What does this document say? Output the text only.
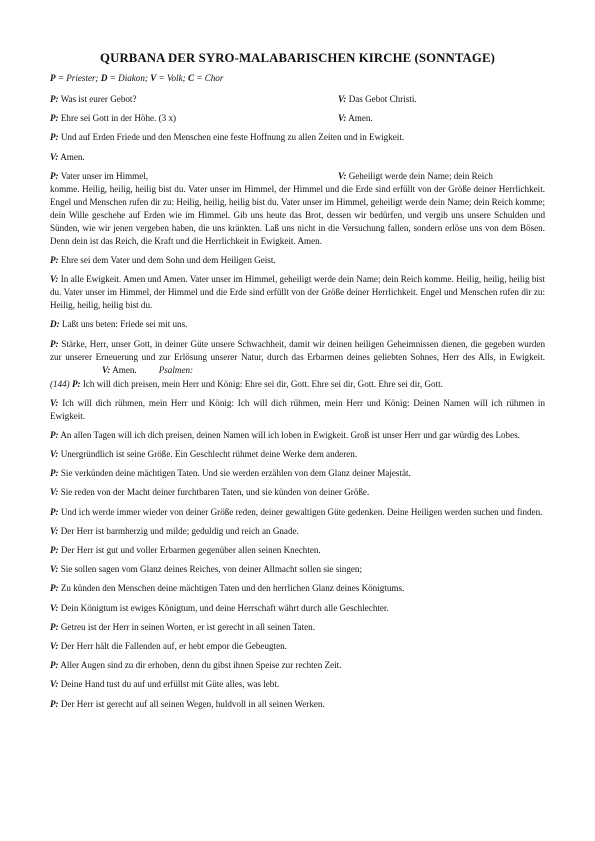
QURBANA DER SYRO-MALABARISCHEN KIRCHE (SONNTAGE)
P = Priester; D = Diakon; V = Volk; C = Chor
P: Was ist eurer Gebot?	V: Das Gebot Christi.
P: Ehre sei Gott in der Höhe. (3 x)	V: Amen.
P: Und auf Erden Friede und den Menschen eine feste Hoffnung zu allen Zeiten und in Ewigkeit.
V: Amen.
P: Vater unser im Himmel,	V: Geheiligt werde dein Name; dein Reich
komme. Heilig, heilig, heilig bist du. Vater unser im Himmel, der Himmel und die Erde sind erfüllt von der Größe deiner Herrlichkeit. Engel und Menschen rufen dir zu: Heilig, heilig, heilig bist du. Vater unser im Himmel, geheiligt werde dein Name; dein Reich komme; dein Wille geschehe auf Erden wie im Himmel. Gib uns heute das Brot, dessen wir bedürfen, und vergib uns unsere Schulden und Sünden, wie wir jenen vergeben haben, die uns kränkten. Laß uns nicht in die Versuchung fallen, sondern erlöse uns von dem Bösen. Denn dein ist das Reich, die Kraft und die Herrlichkeit in Ewigkeit. Amen.
P: Ehre sei dem Vater und dem Sohn und dem Heiligen Geist.
V: In alle Ewigkeit. Amen und Amen. Vater unser im Himmel, geheiligt werde dein Name; dein Reich komme. Heilig, heilig, heilig bist du. Vater unser im Himmel, der Himmel und die Erde sind erfüllt von der Größe deiner Herrlichkeit. Engel und Menschen rufen dir zu: Heilig, heilig, heilig bist du.
D: Laßt uns beten: Friede sei mit uns.
P: Stärke, Herr, unser Gott, in deiner Güte unsere Schwachheit, damit wir deinen heiligen Geheimnissen dienen, die gegeben wurden zur unserer Erneuerung und zur Erlösung unserer Natur, durch das Erbarmen deines geliebten Sohnes, Herr des Alls, in Ewigkeit.V: Amen. Psalmen:
(144) P: Ich will dich preisen, mein Herr und König: Ehre sei dir, Gott. Ehre sei dir, Gott. Ehre sei dir, Gott.
V: Ich will dich rühmen, mein Herr und König: Ich will dich rühmen, mein Herr und König: Deinen Namen will ich rühmen in Ewigkeit.
P: An allen Tagen will ich dich preisen, deinen Namen will ich loben in Ewigkeit. Groß ist unser Herr und gar würdig des Lobes.
V: Unergründlich ist seine Größe. Ein Geschlecht rühmet deine Werke dem anderen.
P: Sie verkünden deine mächtigen Taten. Und sie werden erzählen von dem Glanz deiner Majestät.
V: Sie reden von der Macht deiner furchtbaren Taten, und sie künden von deiner Größe.
P: Und ich werde immer wieder von deiner Größe reden, deiner gewaltigen Güte gedenken. Deine Heiligen werden suchen und finden.
V: Der Herr ist barmherzig und milde; geduldig und reich an Gnade.
P: Der Herr ist gut und voller Erbarmen gegenüber allen seinen Knechten.
V: Sie sollen sagen vom Glanz deines Reiches, von deiner Allmacht sollen sie singen;
P: Zu künden den Menschen deine mächtigen Taten und den herrlichen Glanz deines Königtums.
V: Dein Königtum ist ewiges Königtum, und deine Herrschaft währt durch alle Geschlechter.
P: Getreu ist der Herr in seinen Worten, er ist gerecht in all seinen Taten.
V: Der Herr hält die Fallenden auf, er hebt empor die Gebeugten.
P: Aller Augen sind zu dir erhoben, denn du gibst ihnen Speise zur rechten Zeit.
V: Deine Hand tust du auf und erfüllst mit Güte alles, was lebt.
P: Der Herr ist gerecht auf all seinen Wegen, huldvoll in all seinen Werken.
